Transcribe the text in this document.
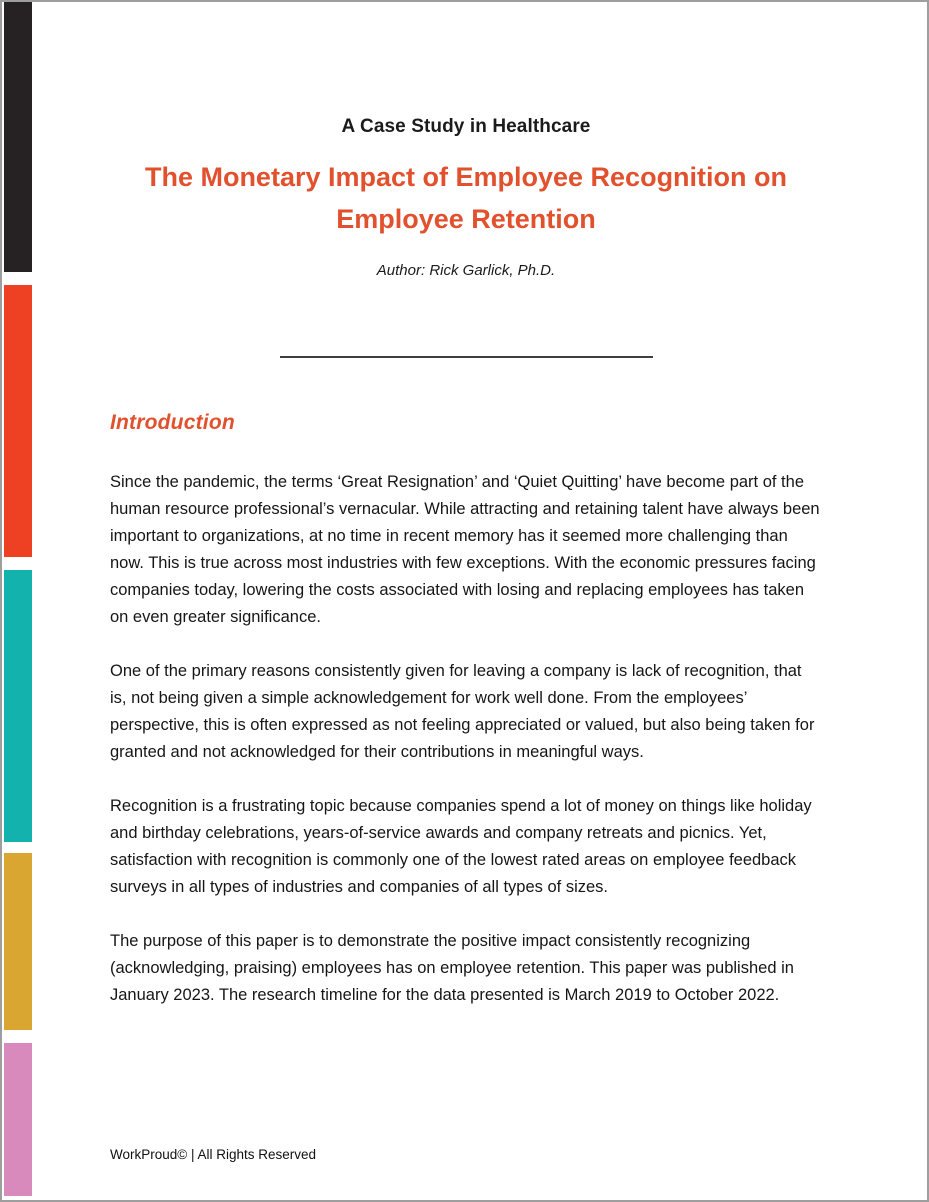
A Case Study in Healthcare
The Monetary Impact of Employee Recognition on Employee Retention
Author: Rick Garlick, Ph.D.
Introduction

Since the pandemic, the terms ‘Great Resignation’ and ‘Quiet Quitting’ have become part of the human resource professional’s vernacular. While attracting and retaining talent have always been important to organizations, at no time in recent memory has it seemed more challenging than now. This is true across most industries with few exceptions. With the economic pressures facing companies today, lowering the costs associated with losing and replacing employees has taken on even greater significance.

One of the primary reasons consistently given for leaving a company is lack of recognition, that is, not being given a simple acknowledgement for work well done. From the employees’ perspective, this is often expressed as not feeling appreciated or valued, but also being taken for granted and not acknowledged for their contributions in meaningful ways.

Recognition is a frustrating topic because companies spend a lot of money on things like holiday and birthday celebrations, years-of-service awards and company retreats and picnics. Yet, satisfaction with recognition is commonly one of the lowest rated areas on employee feedback surveys in all types of industries and companies of all types of sizes.

The purpose of this paper is to demonstrate the positive impact consistently recognizing (acknowledging, praising) employees has on employee retention. This paper was published in January 2023. The research timeline for the data presented is March 2019 to October 2022.

WorkProud© | All Rights Reserved
